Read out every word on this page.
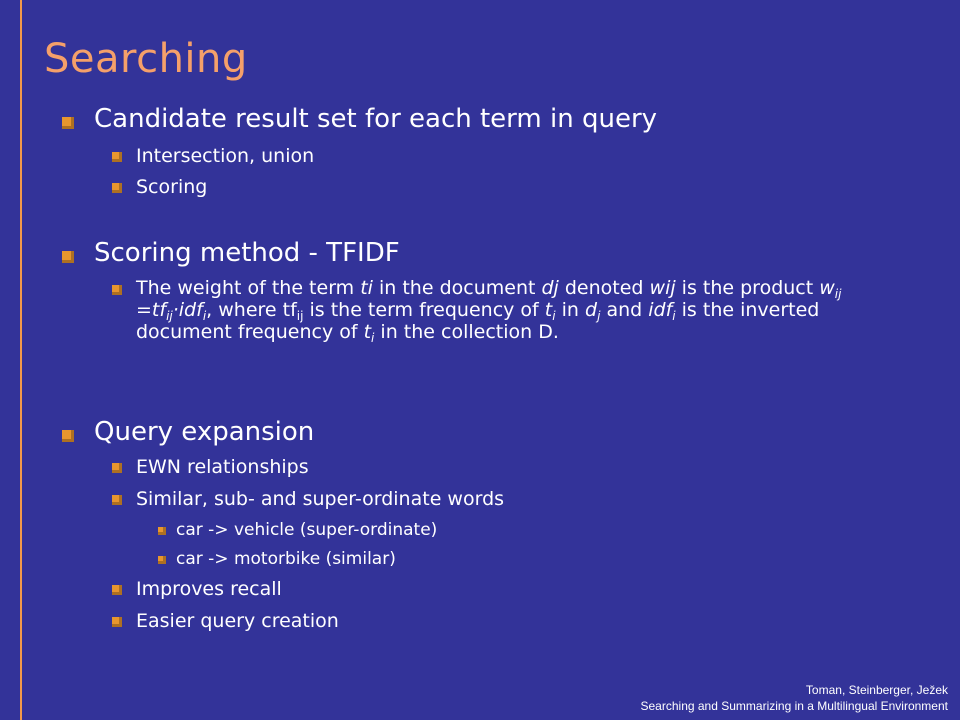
Searching
Candidate result set for each term in query
Intersection, union
Scoring
Scoring method - TFIDF
The weight of the term ti in the document dj denoted wij is the product $w_{ij} =tf_{ij}\cdot idf_i$, where $tf_{ij}$ is the term frequency of $t_i$ in $d_j$ and idf$_i$ is the inverted document frequency of $t_i$ in the collection D.
Query expansion
EWN relationships
Similar, sub- and super-ordinate words
car -> vehicle (super-ordinate)
car -> motorbike (similar)
Improves recall
Easier query creation
Toman, Steinberger, Ježek
Searching and Summarizing in a Multilingual Environment
